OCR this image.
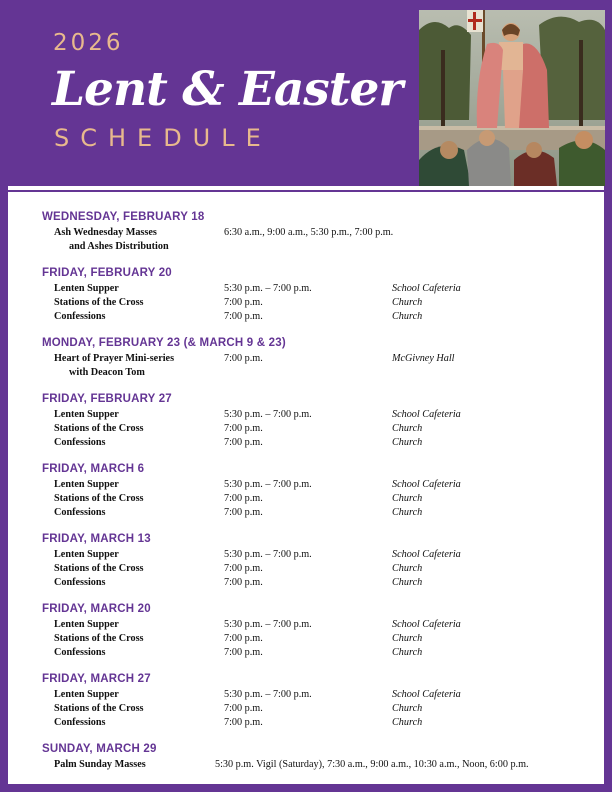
2026
Lent & Easter
SCHEDULE
WEDNESDAY, FEBRUARY 18
Ash Wednesday Masses
and Ashes Distribution
6:30 a.m., 9:00 a.m., 5:30 p.m., 7:00 p.m.
FRIDAY, FEBRUARY 20
Lenten Supper	5:30 p.m. – 7:00 p.m.	School Cafeteria
Stations of the Cross	7:00 p.m.	Church
Confessions	7:00 p.m.	Church
MONDAY, FEBRUARY 23 (& MARCH 9 & 23)
Heart of Prayer Mini-series
with Deacon Tom
7:00 p.m.	McGivney Hall
FRIDAY, FEBRUARY 27
Lenten Supper	5:30 p.m. – 7:00 p.m.	School Cafeteria
Stations of the Cross	7:00 p.m.	Church
Confessions	7:00 p.m.	Church
FRIDAY, MARCH 6
Lenten Supper	5:30 p.m. – 7:00 p.m.	School Cafeteria
Stations of the Cross	7:00 p.m.	Church
Confessions	7:00 p.m.	Church
FRIDAY, MARCH 13
Lenten Supper	5:30 p.m. – 7:00 p.m.	School Cafeteria
Stations of the Cross	7:00 p.m.	Church
Confessions	7:00 p.m.	Church
FRIDAY, MARCH 20
Lenten Supper	5:30 p.m. – 7:00 p.m.	School Cafeteria
Stations of the Cross	7:00 p.m.	Church
Confessions	7:00 p.m.	Church
FRIDAY, MARCH 27
Lenten Supper	5:30 p.m. – 7:00 p.m.	School Cafeteria
Stations of the Cross	7:00 p.m.	Church
Confessions	7:00 p.m.	Church
SUNDAY, MARCH 29
Palm Sunday Masses	5:30 p.m. Vigil (Saturday), 7:30 a.m., 9:00 a.m., 10:30 a.m., Noon, 6:00 p.m.
